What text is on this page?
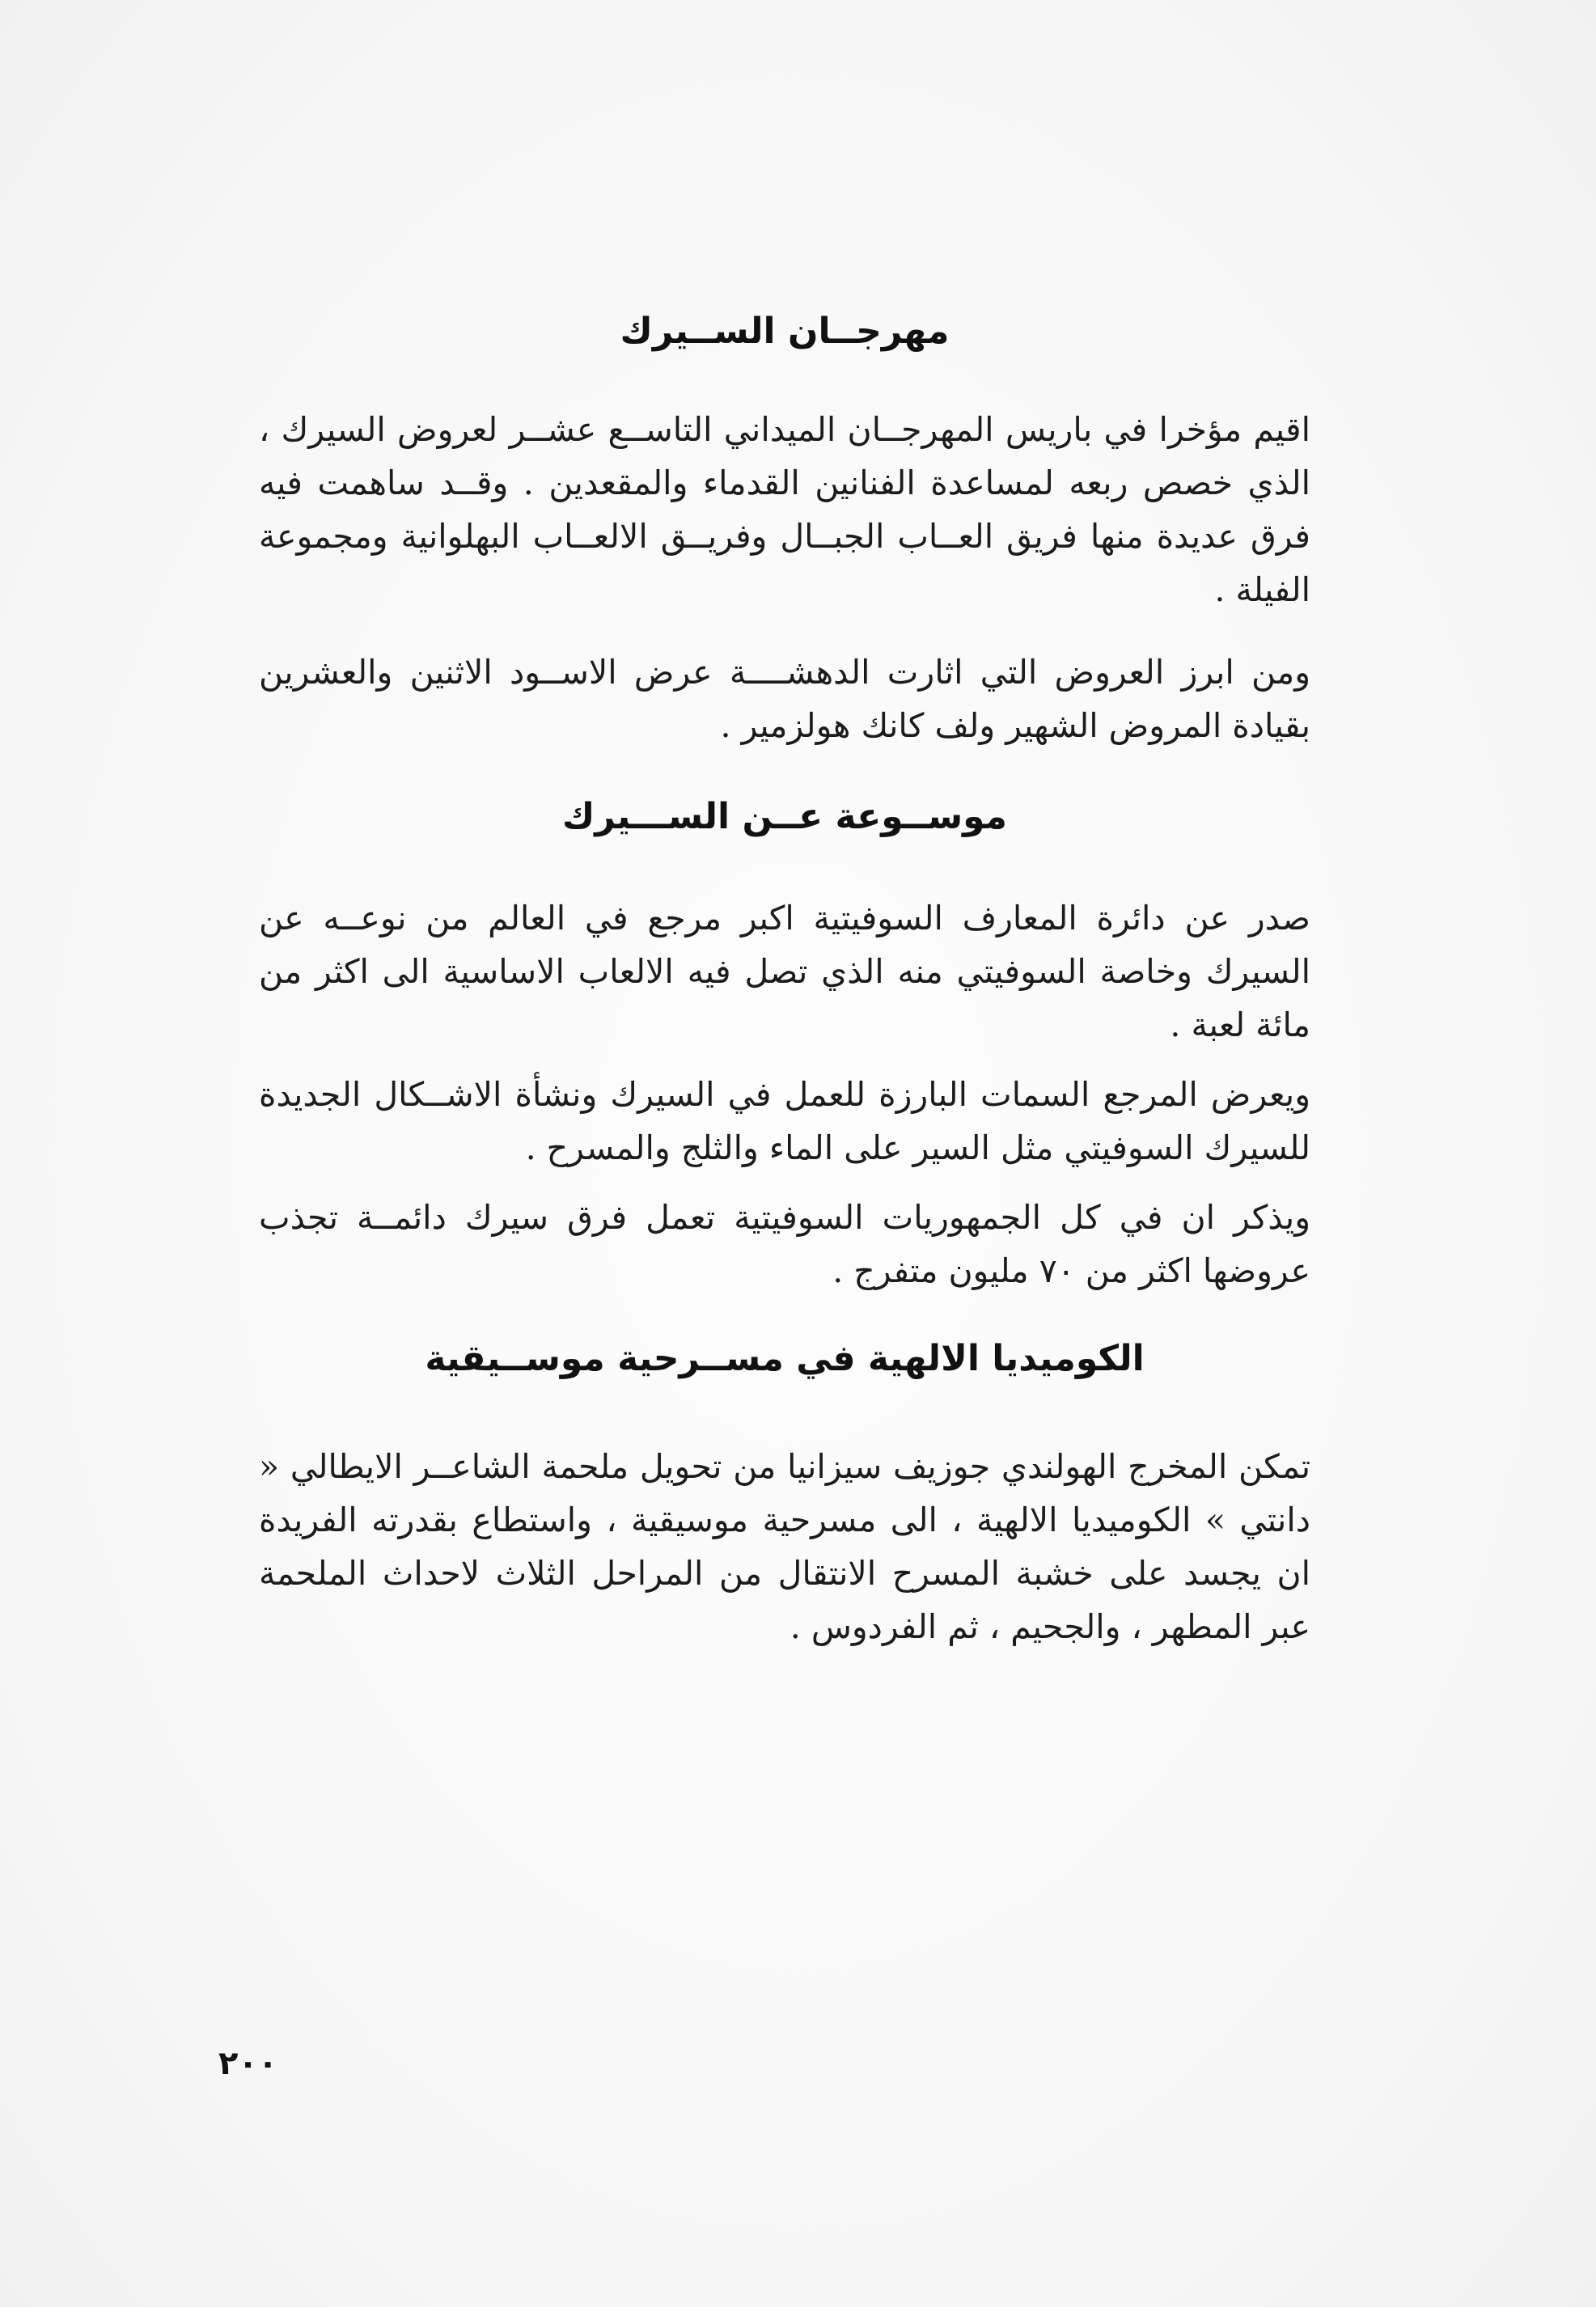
مهرجــان الســيرك

اقيم مؤخرا في باريس المهرجــان الميداني التاســع عشــر لعروض السيرك ، الذي خصص ربعه لمساعدة الفنانين القدماء والمقعدين . وقــد ساهمت فيه فرق عديدة منها فريق العــاب الجبــال وفريــق الالعــاب البهلوانية ومجموعة الفيلة .

ومن ابرز العروض التي اثارت الدهشــــة عرض الاســود الاثنين والعشرين بقيادة المروض الشهير ولف كانك هولزمير .

موســوعة عــن الســـيرك

صدر عن دائرة المعارف السوفيتية اكبر مرجع في العالم من نوعــه عن السيرك وخاصة السوفيتي منه الذي تصل فيه الالعاب الاساسية الى اكثر من مائة لعبة .

ويعرض المرجع السمات البارزة للعمل في السيرك ونشأة الاشــكال الجديدة للسيرك السوفيتي مثل السير على الماء والثلج والمسرح .

ويذكر ان في كل الجمهوريات السوفيتية تعمل فرق سيرك دائمــة تجذب عروضها اكثر من ٧٠ مليون متفرج .

الكوميديا الالهية في مســرحية موســيقية

تمكن المخرج الهولندي جوزيف سيزانيا من تحويل ملحمة الشاعــر الايطالي « دانتي » الكوميديا الالهية ، الى مسرحية موسيقية ، واستطاع بقدرته الفريدة ان يجسد على خشبة المسرح الانتقال من المراحل الثلاث لاحداث الملحمة عبر المطهر ، والجحيم ، ثم الفردوس .

٢٠٠
